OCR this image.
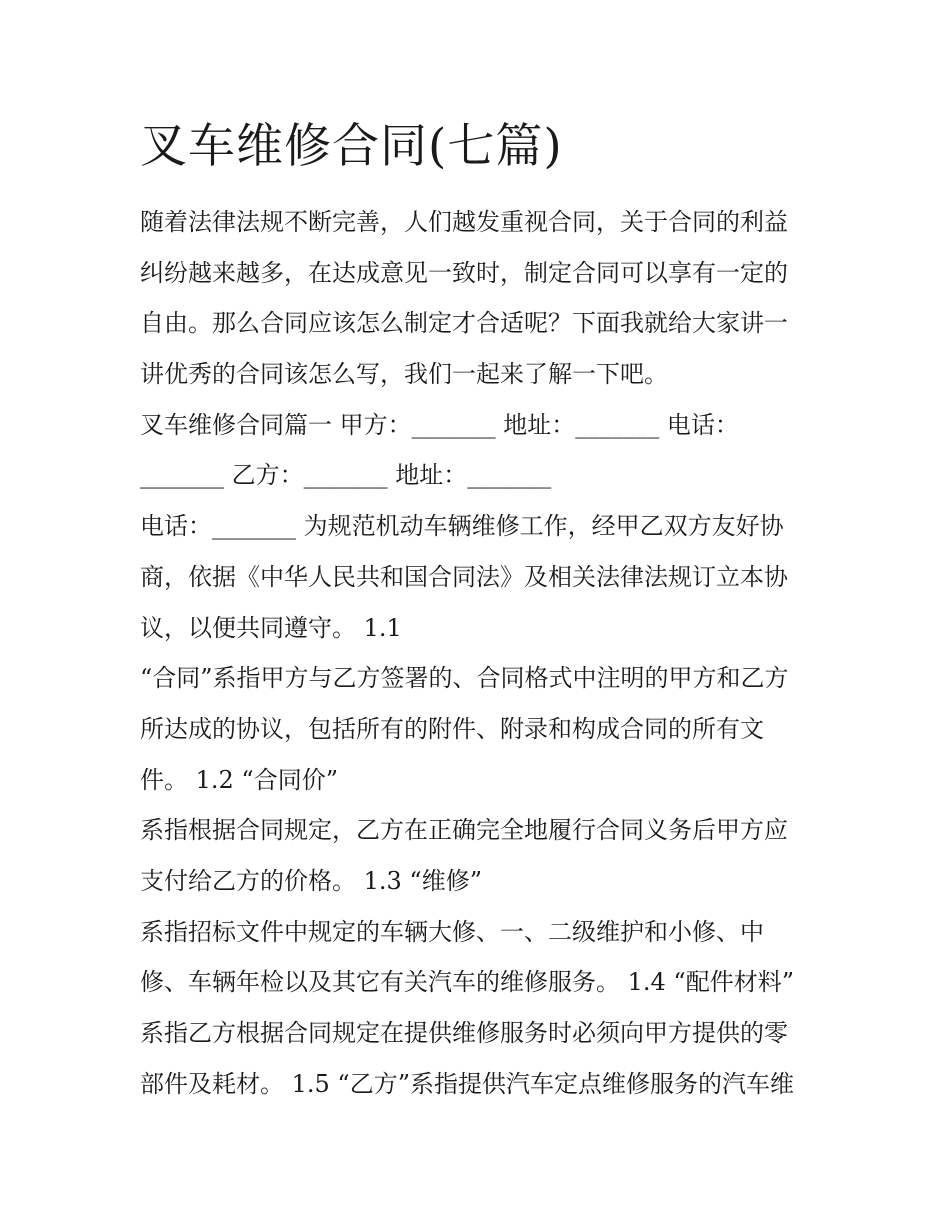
叉车维修合同(七篇)
随着法律法规不断完善，人们越发重视合同，关于合同的利益
纠纷越来越多，在达成意见一致时，制定合同可以享有一定的
自由。那么合同应该怎么制定才合适呢？下面我就给大家讲一
讲优秀的合同该怎么写，我们一起来了解一下吧。
叉车维修合同篇一 甲方：_______ 地址：_______ 电话：
_______ 乙方：_______ 地址：_______
电话：_______ 为规范机动车辆维修工作，经甲乙双方友好协
商，依据《中华人民共和国合同法》及相关法律法规订立本协
议，以便共同遵守。 1.1
“合同”系指甲方与乙方签署的、合同格式中注明的甲方和乙方
所达成的协议，包括所有的附件、附录和构成合同的所有文
件。 1.2 “合同价”
系指根据合同规定，乙方在正确完全地履行合同义务后甲方应
支付给乙方的价格。 1.3 “维修”
系指招标文件中规定的车辆大修、一、二级维护和小修、中
修、车辆年检以及其它有关汽车的维修服务。 1.4 “配件材料”
系指乙方根据合同规定在提供维修服务时必须向甲方提供的零
部件及耗材。 1.5 “乙方”系指提供汽车定点维修服务的汽车维
